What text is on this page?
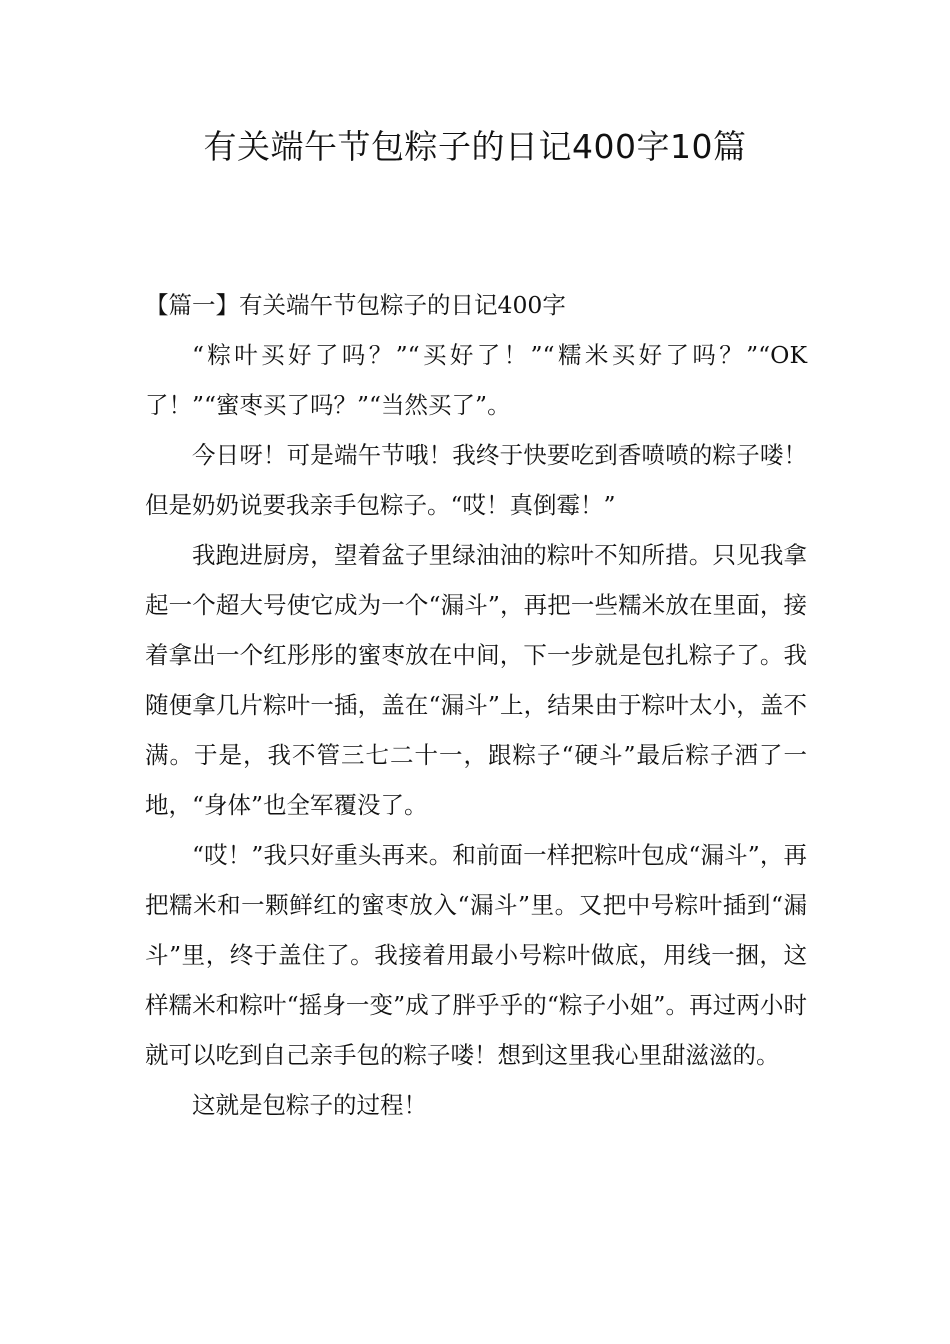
有关端午节包粽子的日记400字10篇
【篇一】有关端午节包粽子的日记400字

“粽叶买好了吗？”“买好了！”“糯米买好了吗？”“OK了！”“蜜枣买了吗？”“当然买了”。

今日呀！可是端午节哦！我终于快要吃到香喷喷的粽子喽！但是奶奶说要我亲手包粽子。“哎！真倒霉！”

我跑进厨房，望着盆子里绿油油的粽叶不知所措。只见我拿起一个超大号使它成为一个“漏斗”，再把一些糯米放在里面，接着拿出一个红彤彤的蜜枣放在中间，下一步就是包扎粽子了。我随便拿几片粽叶一插，盖在“漏斗”上，结果由于粽叶太小，盖不满。于是，我不管三七二十一，跟粽子“硬斗”最后粽子洒了一地，“身体”也全军覆没了。

“哎！”我只好重头再来。和前面一样把粽叶包成“漏斗”，再把糯米和一颗鲜红的蜜枣放入“漏斗”里。又把中号粽叶插到“漏斗”里，终于盖住了。我接着用最小号粽叶做底，用线一捆，这样糯米和粽叶“摇身一变”成了胖乎乎的“粽子小姐”。再过两小时就可以吃到自己亲手包的粽子喽！想到这里我心里甜滋滋的。

这就是包粽子的过程！
